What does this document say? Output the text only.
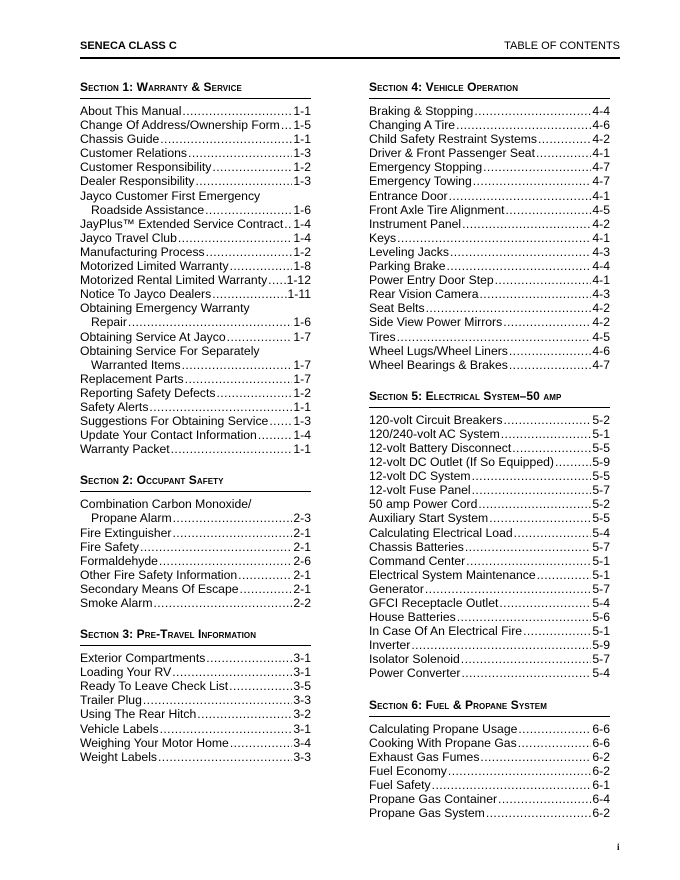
SENECA CLASS C	TABLE OF CONTENTS
Section 1: Warranty & Service
About This Manual .....	1-1
Change Of Address/Ownership Form ..... 1-5
Chassis Guide .....	1-1
Customer Relations .....	1-3
Customer Responsibility .....	1-2
Dealer Responsibility .....	1-3
Jayco Customer First Emergency
Roadside Assistance .....	1-6
JayPlus™ Extended Service Contract ..... 1-4
Jayco Travel Club .....	1-4
Manufacturing Process .....	1-2
Motorized Limited Warranty .....	1-8
Motorized Rental Limited Warranty ..... 1-12
Notice To Jayco Dealers .....	1-11
Obtaining Emergency Warranty
Repair .....	1-6
Obtaining Service At Jayco .....	1-7
Obtaining Service For Separately
Warranted Items .....	1-7
Replacement Parts .....	1-7
Reporting Safety Defects .....	1-2
Safety Alerts .....	1-1
Suggestions For Obtaining Service ..... 1-3
Update Your Contact Information .....	1-4
Warranty Packet .....	1-1
Section 2: Occupant Safety
Combination Carbon Monoxide/
Propane Alarm .....	2-3
Fire Extinguisher .....	2-1
Fire Safety .....	2-1
Formaldehyde .....	2-6
Other Fire Safety Information .....	2-1
Secondary Means Of Escape .....	2-1
Smoke Alarm .....	2-2
Section 3: Pre-Travel Information
Exterior Compartments .....	3-1
Loading Your RV .....	3-1
Ready To Leave Check List .....	3-5
Trailer Plug .....	3-3
Using The Rear Hitch .....	3-2
Vehicle Labels .....	3-1
Weighing Your Motor Home .....	3-4
Weight Labels .....	3-3
Section 4: Vehicle Operation
Braking & Stopping .....	4-4
Changing A Tire .....	4-6
Child Safety Restraint Systems .....	4-2
Driver & Front Passenger Seat .....	4-1
Emergency Stopping .....	4-7
Emergency Towing .....	4-7
Entrance Door .....	4-1
Front Axle Tire Alignment .....	4-5
Instrument Panel .....	4-2
Keys .....	4-1
Leveling Jacks .....	4-3
Parking Brake .....	4-4
Power Entry Door Step .....	4-1
Rear Vision Camera .....	4-3
Seat Belts .....	4-2
Side View Power Mirrors .....	4-2
Tires .....	4-5
Wheel Lugs/Wheel Liners .....	4-6
Wheel Bearings & Brakes .....	4-7
Section 5: Electrical System–50 amp
120-volt Circuit Breakers .....	5-2
120/240-volt AC System .....	5-1
12-volt Battery Disconnect .....	5-5
12-volt DC Outlet (If So Equipped) .....	5-9
12-volt DC System .....	5-5
12-volt Fuse Panel .....	5-7
50 amp Power Cord .....	5-2
Auxiliary Start System .....	5-5
Calculating Electrical Load .....	5-4
Chassis Batteries .....	5-7
Command Center .....	5-1
Electrical System Maintenance .....	5-1
Generator .....	5-7
GFCI Receptacle Outlet .....	5-4
House Batteries .....	5-6
In Case Of An Electrical Fire .....	5-1
Inverter .....	5-9
Isolator Solenoid .....	5-7
Power Converter .....	5-4
Section 6: Fuel & Propane System
Calculating Propane Usage .....	6-6
Cooking With Propane Gas .....	6-6
Exhaust Gas Fumes .....	6-2
Fuel Economy .....	6-2
Fuel Safety .....	6-1
Propane Gas Container .....	6-4
Propane Gas System .....	6-2
i
